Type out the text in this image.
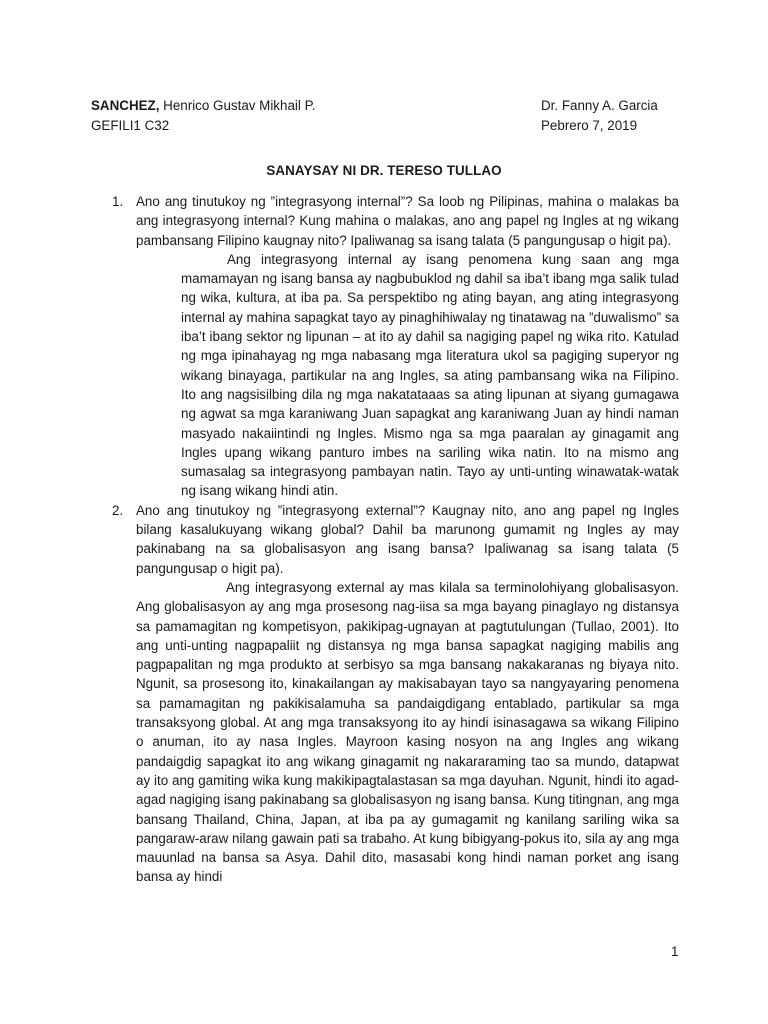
SANCHEZ, Henrico Gustav Mikhail P.	Dr. Fanny A. Garcia
GEFILI1 C32	Pebrero 7, 2019
SANAYSAY NI DR. TERESO TULLAO
1. Ano ang tinutukoy ng ”integrasyong internal”? Sa loob ng Pilipinas, mahina o malakas ba ang integrasyong internal? Kung mahina o malakas, ano ang papel ng Ingles at ng wikang pambansang Filipino kaugnay nito? Ipaliwanag sa isang talata (5 pangungusap o higit pa).

Ang integrasyong internal ay isang penomena kung saan ang mga mamamayan ng isang bansa ay nagbubuklod ng dahil sa iba’t ibang mga salik tulad ng wika, kultura, at iba pa. Sa perspektibo ng ating bayan, ang ating integrasyong internal ay mahina sapagkat tayo ay pinaghihiwalay ng tinatawag na ”duwalismo” sa iba’t ibang sektor ng lipunan – at ito ay dahil sa nagiging papel ng wika rito. Katulad ng mga ipinahayag ng mga nabasang mga literatura ukol sa pagiging superyor ng wikang binayaga, partikular na ang Ingles, sa ating pambansang wika na Filipino. Ito ang nagsisilbing dila ng mga nakatataaas sa ating lipunan at siyang gumagawa ng agwat sa mga karaniwang Juan sapagkat ang karaniwang Juan ay hindi naman masyado nakaiintindi ng Ingles. Mismo nga sa mga paaralan ay ginagamit ang Ingles upang wikang panturo imbes na sariling wika natin. Ito na mismo ang sumasalag sa integrasyong pambayan natin. Tayo ay unti-unting winawatak-watak ng isang wikang hindi atin.

2. Ano ang tinutukoy ng ”integrasyong external”? Kaugnay nito, ano ang papel ng Ingles bilang kasalukuyang wikang global? Dahil ba marunong gumamit ng Ingles ay may pakinabang na sa globalisasyon ang isang bansa? Ipaliwanag sa isang talata (5 pangungusap o higit pa).

Ang integrasyong external ay mas kilala sa terminolohiyang globalisasyon. Ang globalisasyon ay ang mga prosesong nag-iisa sa mga bayang pinaglayo ng distansya sa pamamagitan ng kompetisyon, pakikipag-ugnayan at pagtutulungan (Tullao, 2001). Ito ang unti-unting nagpapaliit ng distansya ng mga bansa sapagkat nagiging mabilis ang pagpapalitan ng mga produkto at serbisyo sa mga bansang nakakaranas ng biyaya nito. Ngunit, sa prosesong ito, kinakailangan ay makisabayan tayo sa nangyayaring penomena sa pamamagitan ng pakikisalamuha sa pandaigdigang entablado, partikular sa mga transaksyong global. At ang mga transaksyong ito ay hindi isinasagawa sa wikang Filipino o anuman, ito ay nasa Ingles. Mayroon kasing nosyon na ang Ingles ang wikang pandaigdig sapagkat ito ang wikang ginagamit ng nakararaming tao sa mundo, datapwat ay ito ang gamiting wika kung makikipagtalastasan sa mga dayuhan. Ngunit, hindi ito agad-agad nagiging isang pakinabang sa globalisasyon ng isang bansa. Kung titingnan, ang mga bansang Thailand, China, Japan, at iba pa ay gumagamit ng kanilang sariling wika sa pangaraw-araw nilang gawain pati sa trabaho. At kung bibigyang-pokus ito, sila ay ang mga mauunlad na bansa sa Asya. Dahil dito, masasabi kong hindi naman porket ang isang bansa ay hindi

1
